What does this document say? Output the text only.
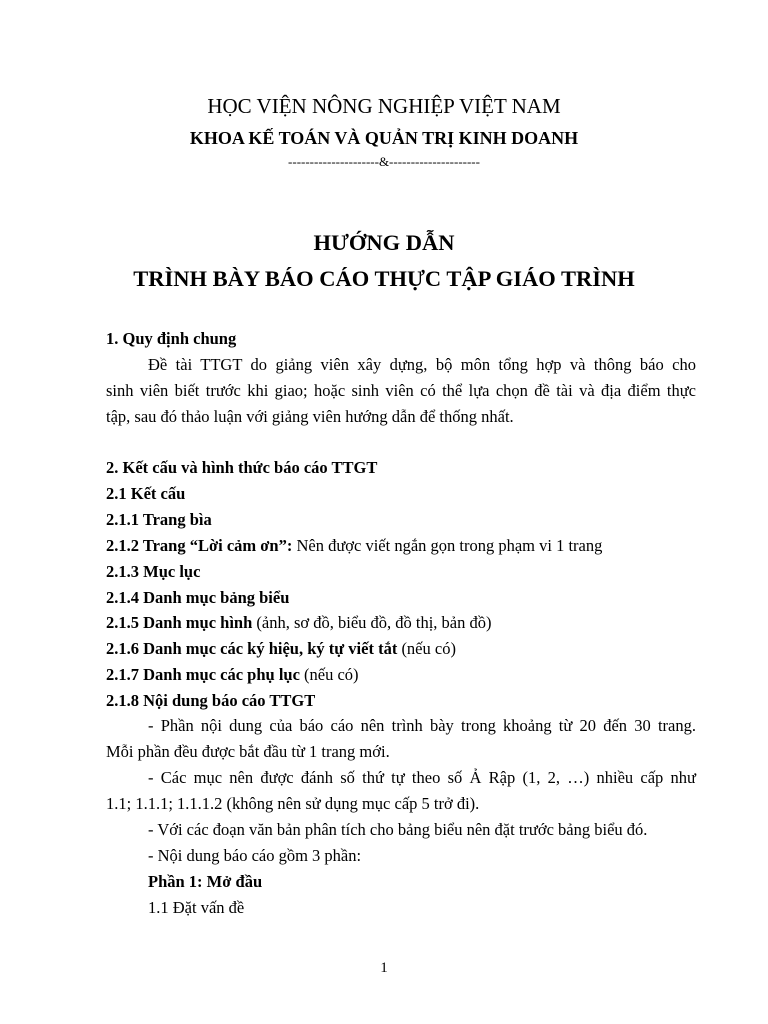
HỌC VIỆN NÔNG NGHIỆP VIỆT NAM
KHOA KẾ TOÁN VÀ QUẢN TRỊ KINH DOANH
---------------------&---------------------
HƯỚNG DẪN
TRÌNH BÀY BÁO CÁO THỰC TẬP GIÁO TRÌNH
1. Quy định chung
Đề tài TTGT do giảng viên xây dựng, bộ môn tổng hợp và thông báo cho
sinh viên biết trước khi giao; hoặc sinh viên có thể lựa chọn đề tài và địa điểm thực
tập, sau đó thảo luận với giảng viên hướng dẫn để thống nhất.
2. Kết cấu và hình thức báo cáo TTGT
2.1 Kết cấu
2.1.1 Trang bìa
2.1.2 Trang “Lời cảm ơn”: Nên được viết ngắn gọn trong phạm vi 1 trang
2.1.3 Mục lục
2.1.4 Danh mục bảng biểu
2.1.5 Danh mục hình (ảnh, sơ đồ, biểu đồ, đồ thị, bản đồ)
2.1.6 Danh mục các ký hiệu, ký tự viết tắt (nếu có)
2.1.7 Danh mục các phụ lục (nếu có)
2.1.8 Nội dung báo cáo TTGT
- Phần nội dung của báo cáo nên trình bày trong khoảng từ 20 đến 30 trang.
Mỗi phần đều được bắt đầu từ 1 trang mới.
- Các mục nên được đánh số thứ tự theo số Ả Rập (1, 2, …) nhiều cấp như
1.1; 1.1.1; 1.1.1.2 (không nên sử dụng mục cấp 5 trở đi).
- Với các đoạn văn bản phân tích cho bảng biểu nên đặt trước bảng biểu đó.
- Nội dung báo cáo gồm 3 phần:
Phần 1: Mở đầu
1.1 Đặt vấn đề
1
